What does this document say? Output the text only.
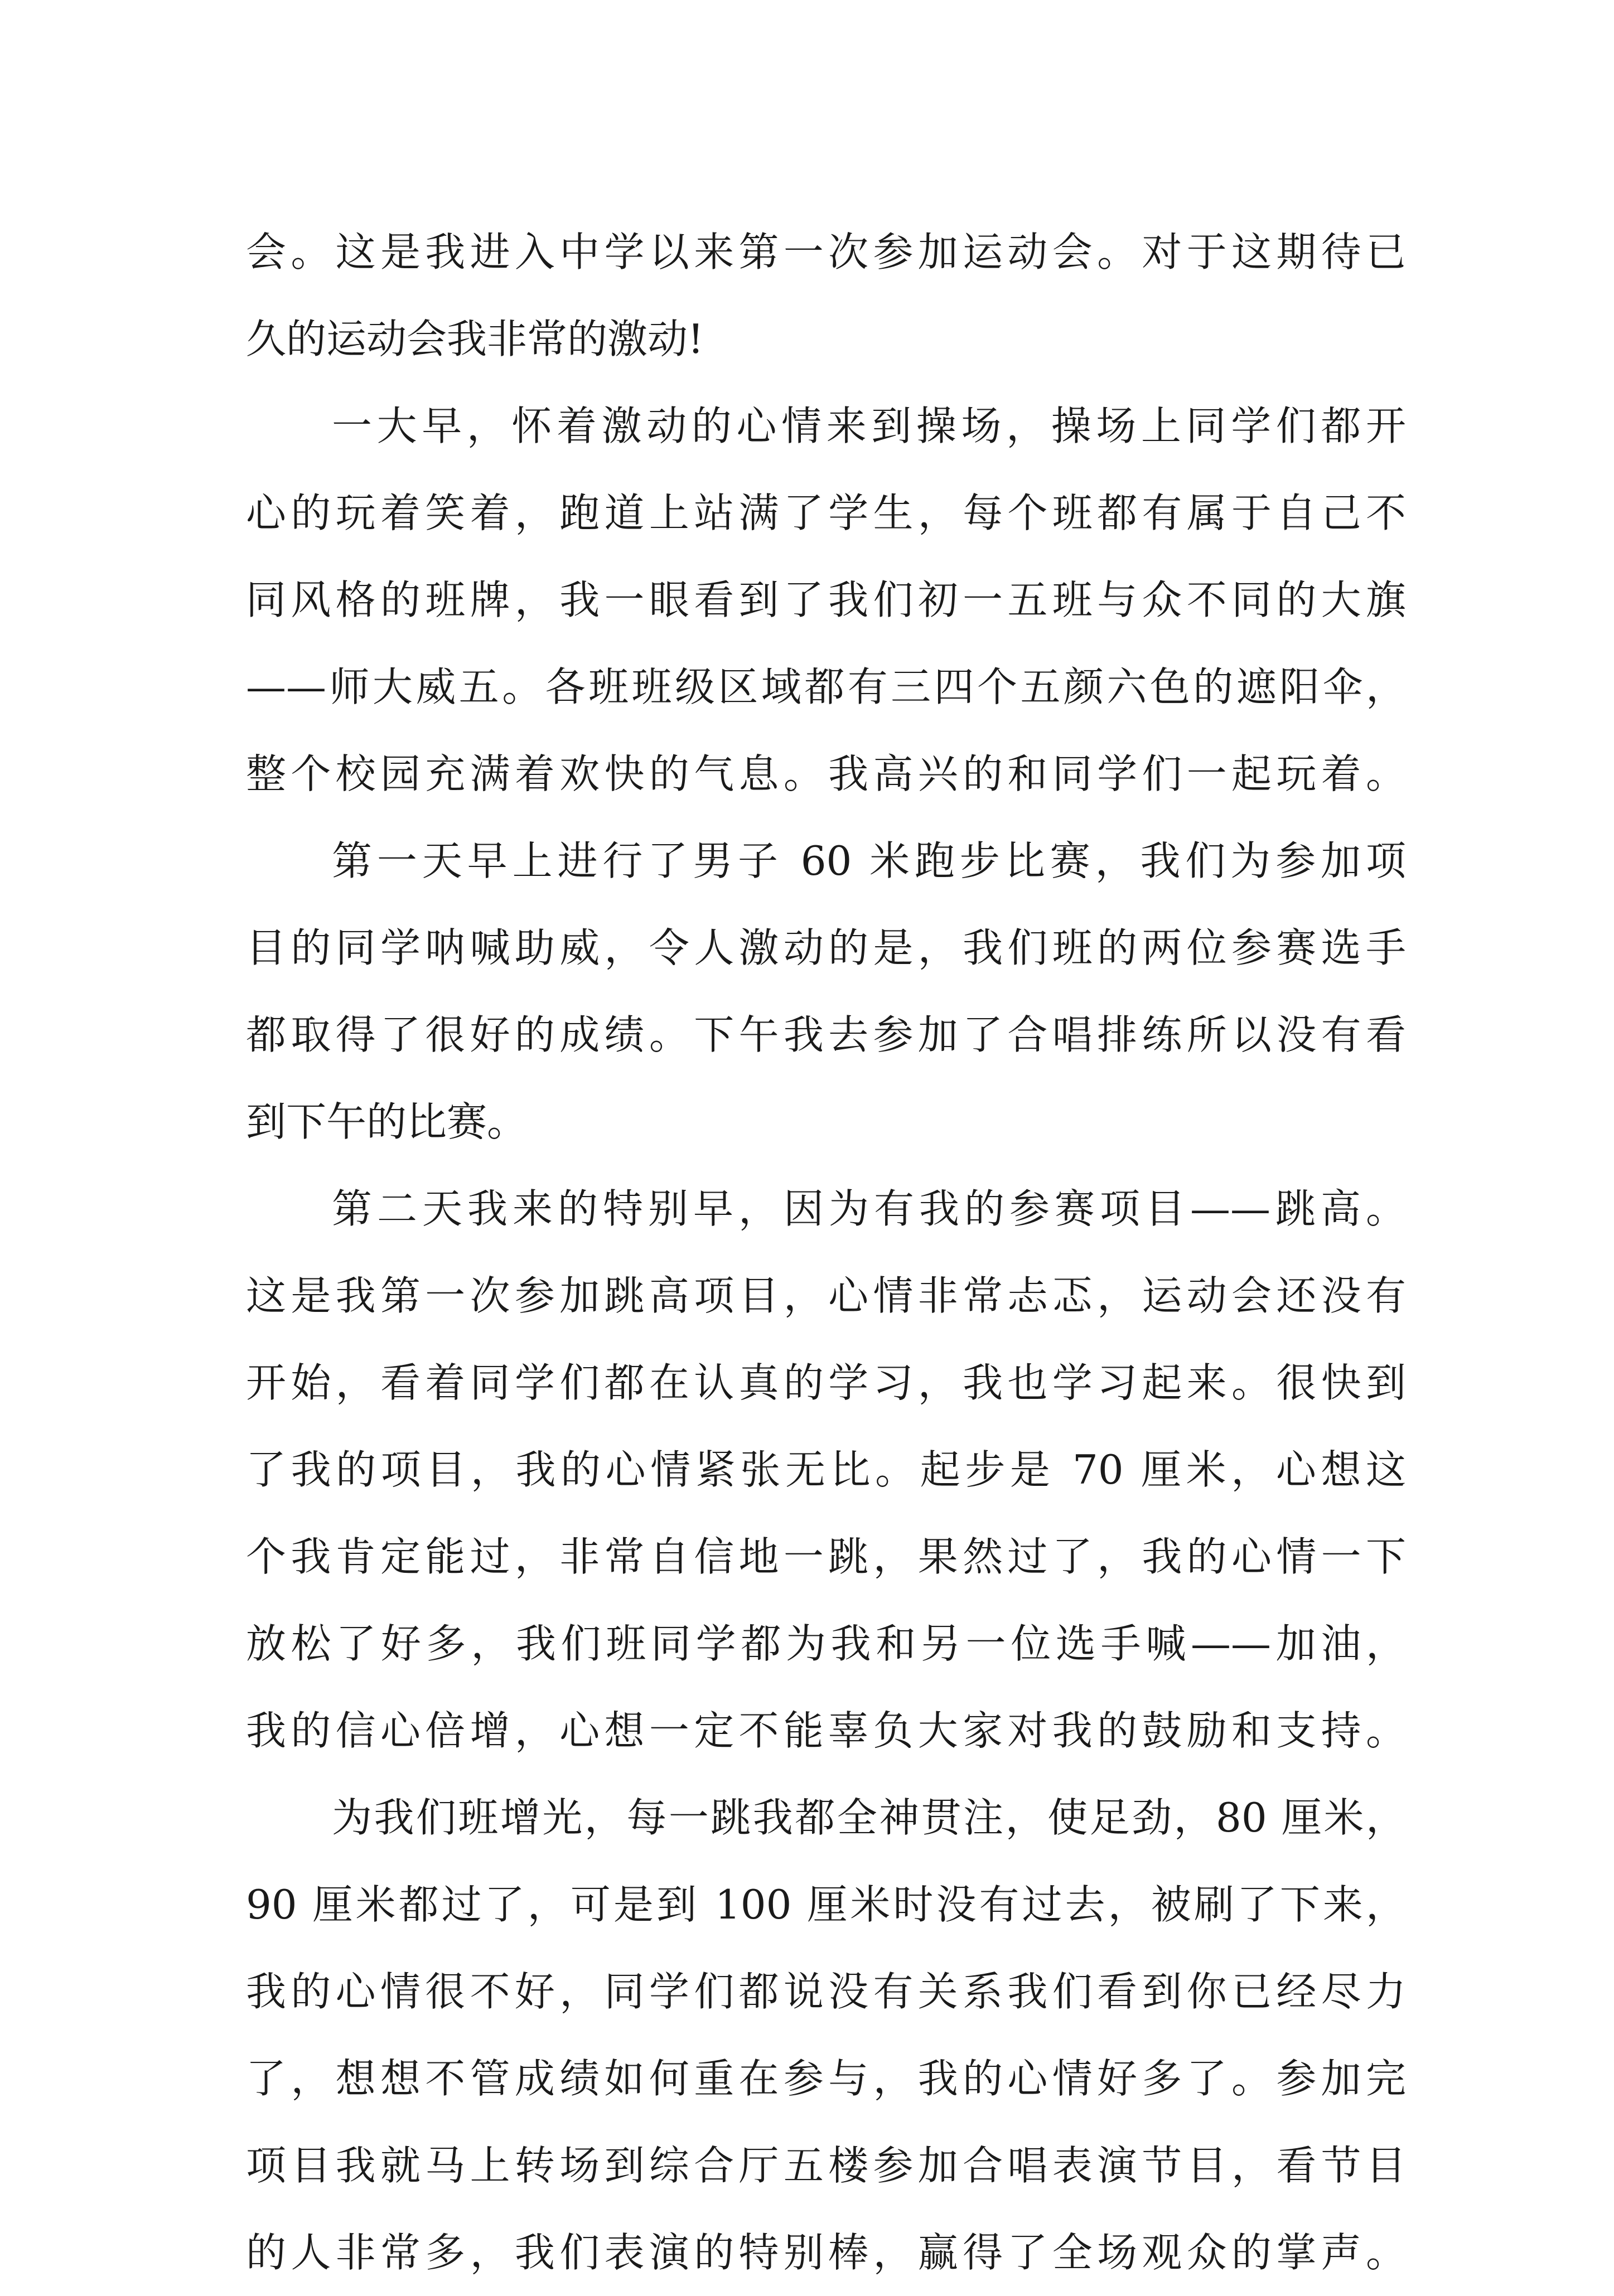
会。这是我进入中学以来第一次参加运动会。对于这期待已
久的运动会我非常的激动!
一大早，怀着激动的心情来到操场，操场上同学们都开
心的玩着笑着，跑道上站满了学生，每个班都有属于自己不
同风格的班牌，我一眼看到了我们初一五班与众不同的大旗
——师大威五。各班班级区域都有三四个五颜六色的遮阳伞，
整个校园充满着欢快的气息。我高兴的和同学们一起玩着。
第一天早上进行了男子 60 米跑步比赛，我们为参加项
目的同学呐喊助威，令人激动的是，我们班的两位参赛选手
都取得了很好的成绩。下午我去参加了合唱排练所以没有看
到下午的比赛。
第二天我来的特别早，因为有我的参赛项目——跳高。
这是我第一次参加跳高项目，心情非常忐忑，运动会还没有
开始，看着同学们都在认真的学习，我也学习起来。很快到
了我的项目，我的心情紧张无比。起步是 70 厘米，心想这
个我肯定能过，非常自信地一跳，果然过了，我的心情一下
放松了好多，我们班同学都为我和另一位选手喊——加油，
我的信心倍增，心想一定不能辜负大家对我的鼓励和支持。
为我们班增光，每一跳我都全神贯注，使足劲，80 厘米，
90 厘米都过了，可是到 100 厘米时没有过去，被刷了下来，
我的心情很不好，同学们都说没有关系我们看到你已经尽力
了，想想不管成绩如何重在参与，我的心情好多了。参加完
项目我就马上转场到综合厅五楼参加合唱表演节目，看节目
的人非常多，我们表演的特别棒，赢得了全场观众的掌声。
